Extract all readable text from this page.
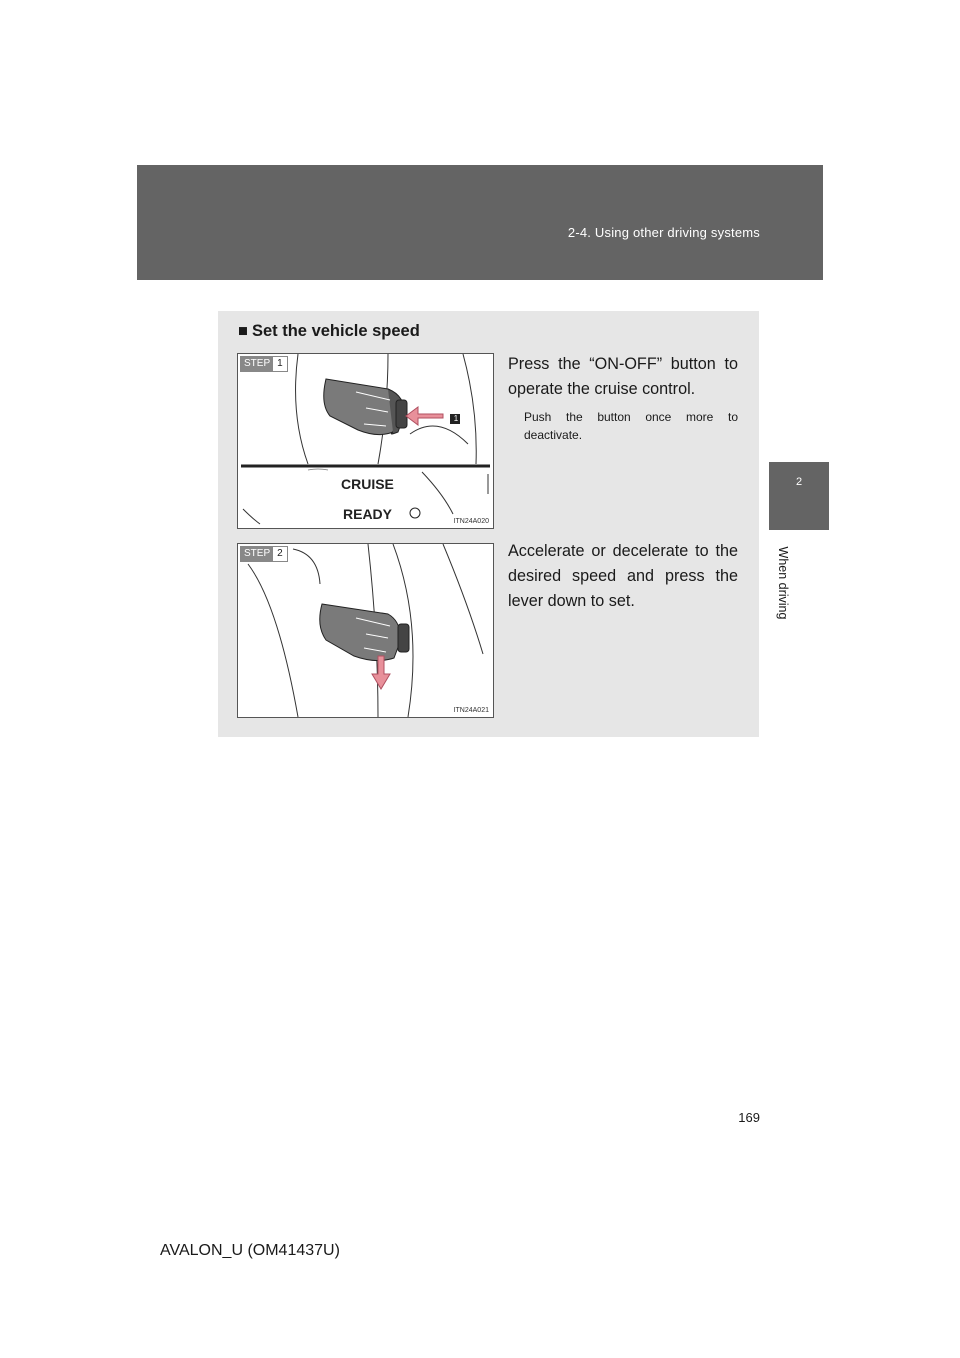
2-4. Using other driving systems
2
When driving
■ Set the vehicle speed
1
CRUISE
READY
STEP 1
ITN24A020
Press the “ON-OFF” button to operate the cruise control.
Push the button once more to deactivate.
STEP 2
ITN24A021
Accelerate or decelerate to the desired speed and press the lever down to set.
169
AVALON_U (OM41437U)
